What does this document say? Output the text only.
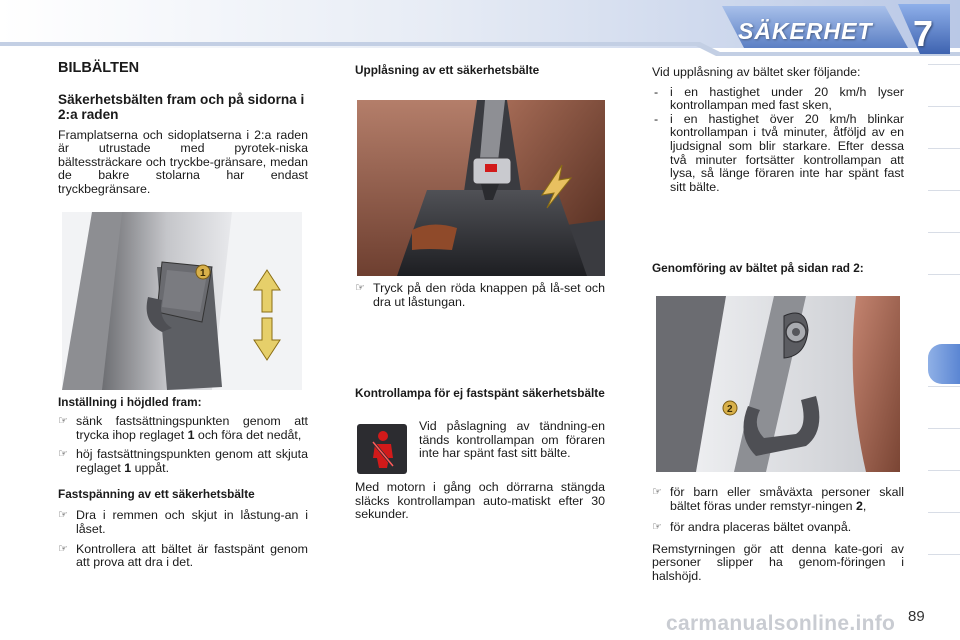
SÄKERHET	7
BILBÄLTEN
Säkerhetsbälten fram och på sidorna i 2:a raden
Framplatserna och sidoplatserna i 2:a raden är utrustade med pyrotek-niska bältessträckare och tryckbe-gränsare, medan de bakre stolarna har endast tryckbegränsare.
1
Inställning i höjdled fram:
☞ sänk fastsättningspunkten genom att trycka ihop reglaget 1 och föra det nedåt,
☞ höj fastsättningspunkten genom att skjuta reglaget 1 uppåt.
Fastspänning av ett säkerhetsbälte
☞ Dra i remmen och skjut in låstung-an i låset.
☞ Kontrollera att bältet är fastspänt genom att prova att dra i det.
Upplåsning av ett säkerhetsbälte
☞ Tryck på den röda knappen på lå-set och dra ut låstungan.
Kontrollampa för ej fastspänt säkerhetsbälte
Vid påslagning av tändning-en tänds kontrollampan om föraren inte har spänt fast sitt bälte.
Med motorn i gång och dörrarna stängda släcks kontrollampan auto-matiskt efter 30 sekunder.
Vid upplåsning av bältet sker följande:
- i en hastighet under 20 km/h lyser kontrollampan med fast sken,
- i en hastighet över 20 km/h blinkar kontrollampan i två minuter, åtföljd av en ljudsignal som blir starkare. Efter dessa två minuter fortsätter kontrollampan att lysa, så länge föraren inte har spänt fast sitt bälte.
Genomföring av bältet på sidan rad 2:
2
☞ för barn eller småväxta personer skall bältet föras under remstyr-ningen 2,
☞ för andra placeras bältet ovanpå.
Remstyrningen gör att denna kate-gori av personer slipper ha genom-föringen i halshöjd.
carmanualsonline.info 89
